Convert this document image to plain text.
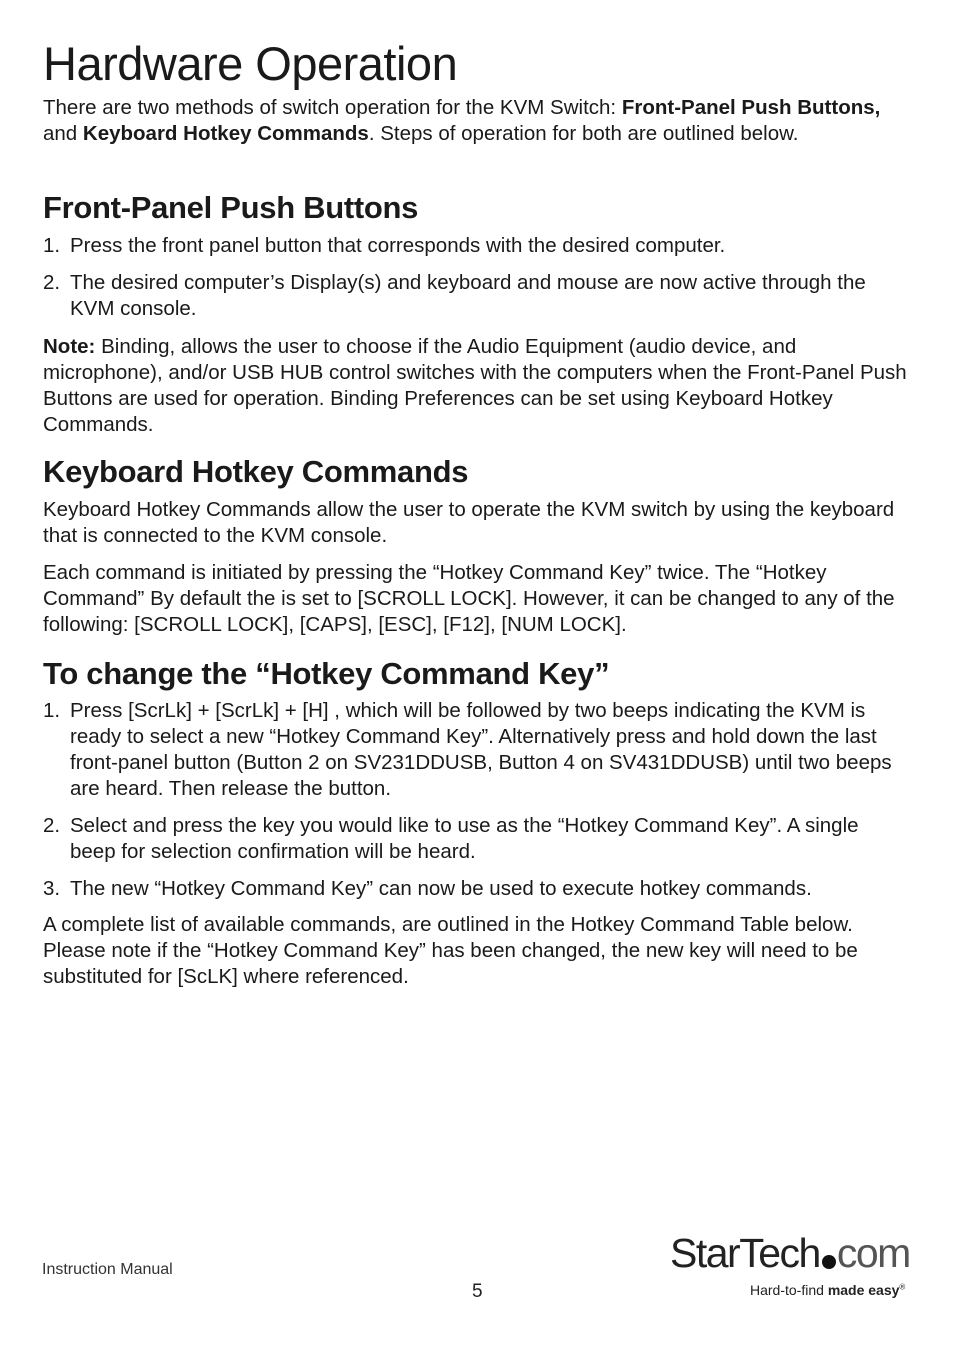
Hardware Operation

There are two methods of switch operation for the KVM Switch: Front-Panel Push Buttons, and Keyboard Hotkey Commands. Steps of operation for both are outlined below.

Front-Panel Push Buttons
1. Press the front panel button that corresponds with the desired computer.
2. The desired computer’s Display(s) and keyboard and mouse are now active through the KVM console.

Note: Binding, allows the user to choose if the Audio Equipment (audio device, and microphone), and/or USB HUB control switches with the computers when the Front-Panel Push Buttons are used for operation. Binding Preferences can be set using Keyboard Hotkey Commands.

Keyboard Hotkey Commands

Keyboard Hotkey Commands allow the user to operate the KVM switch by using the keyboard that is connected to the KVM console.

Each command is initiated by pressing the “Hotkey Command Key” twice. The “Hotkey Command” By default the is set to [SCROLL LOCK]. However, it can be changed to any of the following: [SCROLL LOCK], [CAPS], [ESC], [F12], [NUM LOCK].

To change the “Hotkey Command Key”
1. Press [ScrLk] + [ScrLk] + [H] , which will be followed by two beeps indicating the KVM is ready to select a new “Hotkey Command Key”. Alternatively press and hold down the last front-panel button (Button 2 on SV231DDUSB, Button 4 on SV431DDUSB) until two beeps are heard. Then release the button.
2. Select and press the key you would like to use as the “Hotkey Command Key”. A single beep for selection confirmation will be heard.
3. The new “Hotkey Command Key” can now be used to execute hotkey commands.

A complete list of available commands, are outlined in the Hotkey Command Table below. Please note if the “Hotkey Command Key” has been changed, the new key will need to be substituted for [ScLK] where referenced.

Instruction Manual
5
StarTech com
Hard-to-find made easy®
